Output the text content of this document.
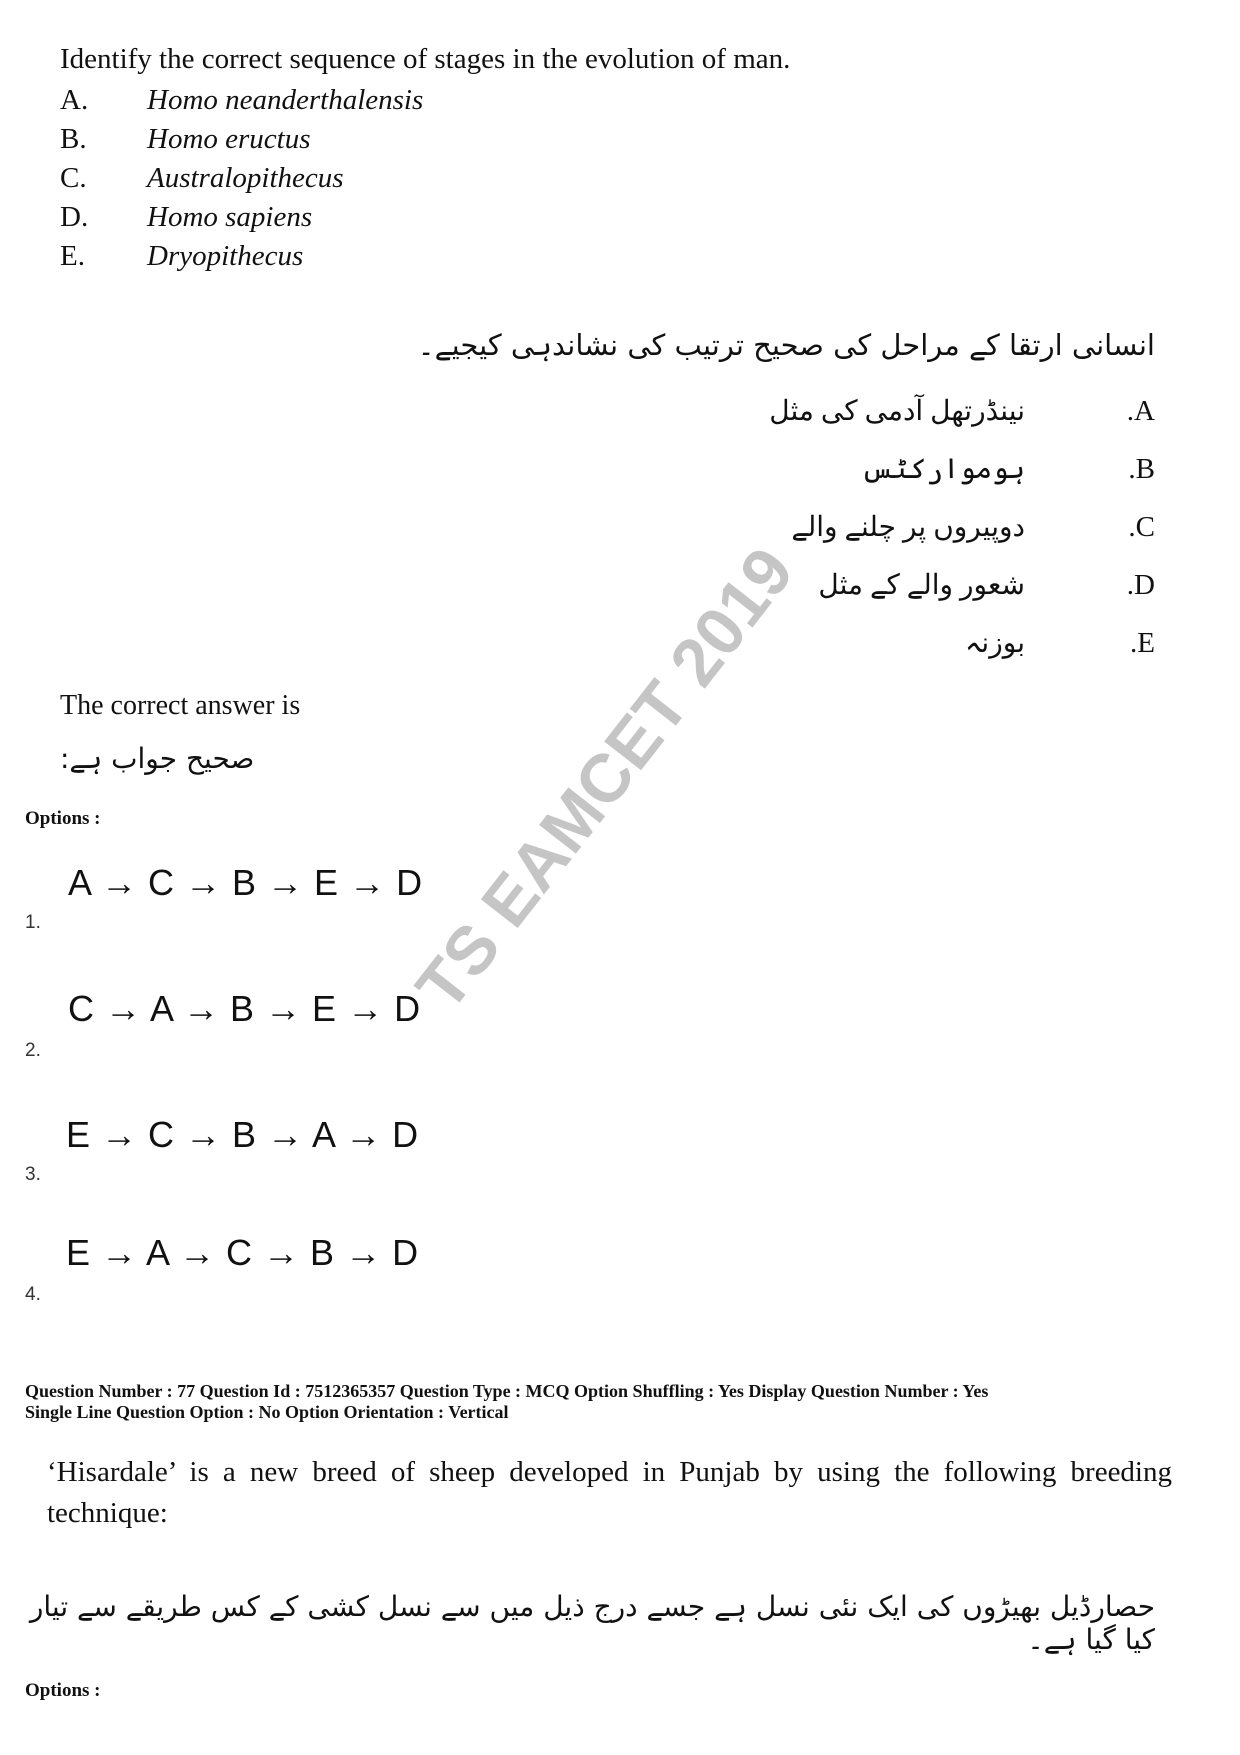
Identify the correct sequence of stages in the evolution of man.
A.	Homo neanderthalensis
B.	Homo eructus
C.	Australopithecus
D.	Homo sapiens
E.	Dryopithecus
انسانی ارتقا کے مراحل کی صحیح ترتیب کی نشاندہی کیجیے۔
.A
نینڈرتھل آدمی کی مثل
.B
ہوموارکٹس
.C
دوپیروں پر چلنے والے
.D
شعور والے کے مثل
.E
بوزنہ
The correct answer is
صحیح جواب ہے:
Options :
A → C → B → E → D
1.
C → A → B → E → D
2.
E → C → B → A → D
3.
E → A → C → B → D
4.
Question Number : 77 Question Id : 7512365357 Question Type : MCQ Option Shuffling : Yes Display Question Number : Yes
Single Line Question Option : No Option Orientation : Vertical
‘Hisardale’ is a new breed of sheep developed in Punjab by using the following breeding technique:
حصارڈیل بھیڑوں کی ایک نئی نسل ہے جسے درج ذیل میں سے نسل کشی کے کس طریقے سے تیار کیا گیا ہے۔
Options :
TS EAMCET 2019
